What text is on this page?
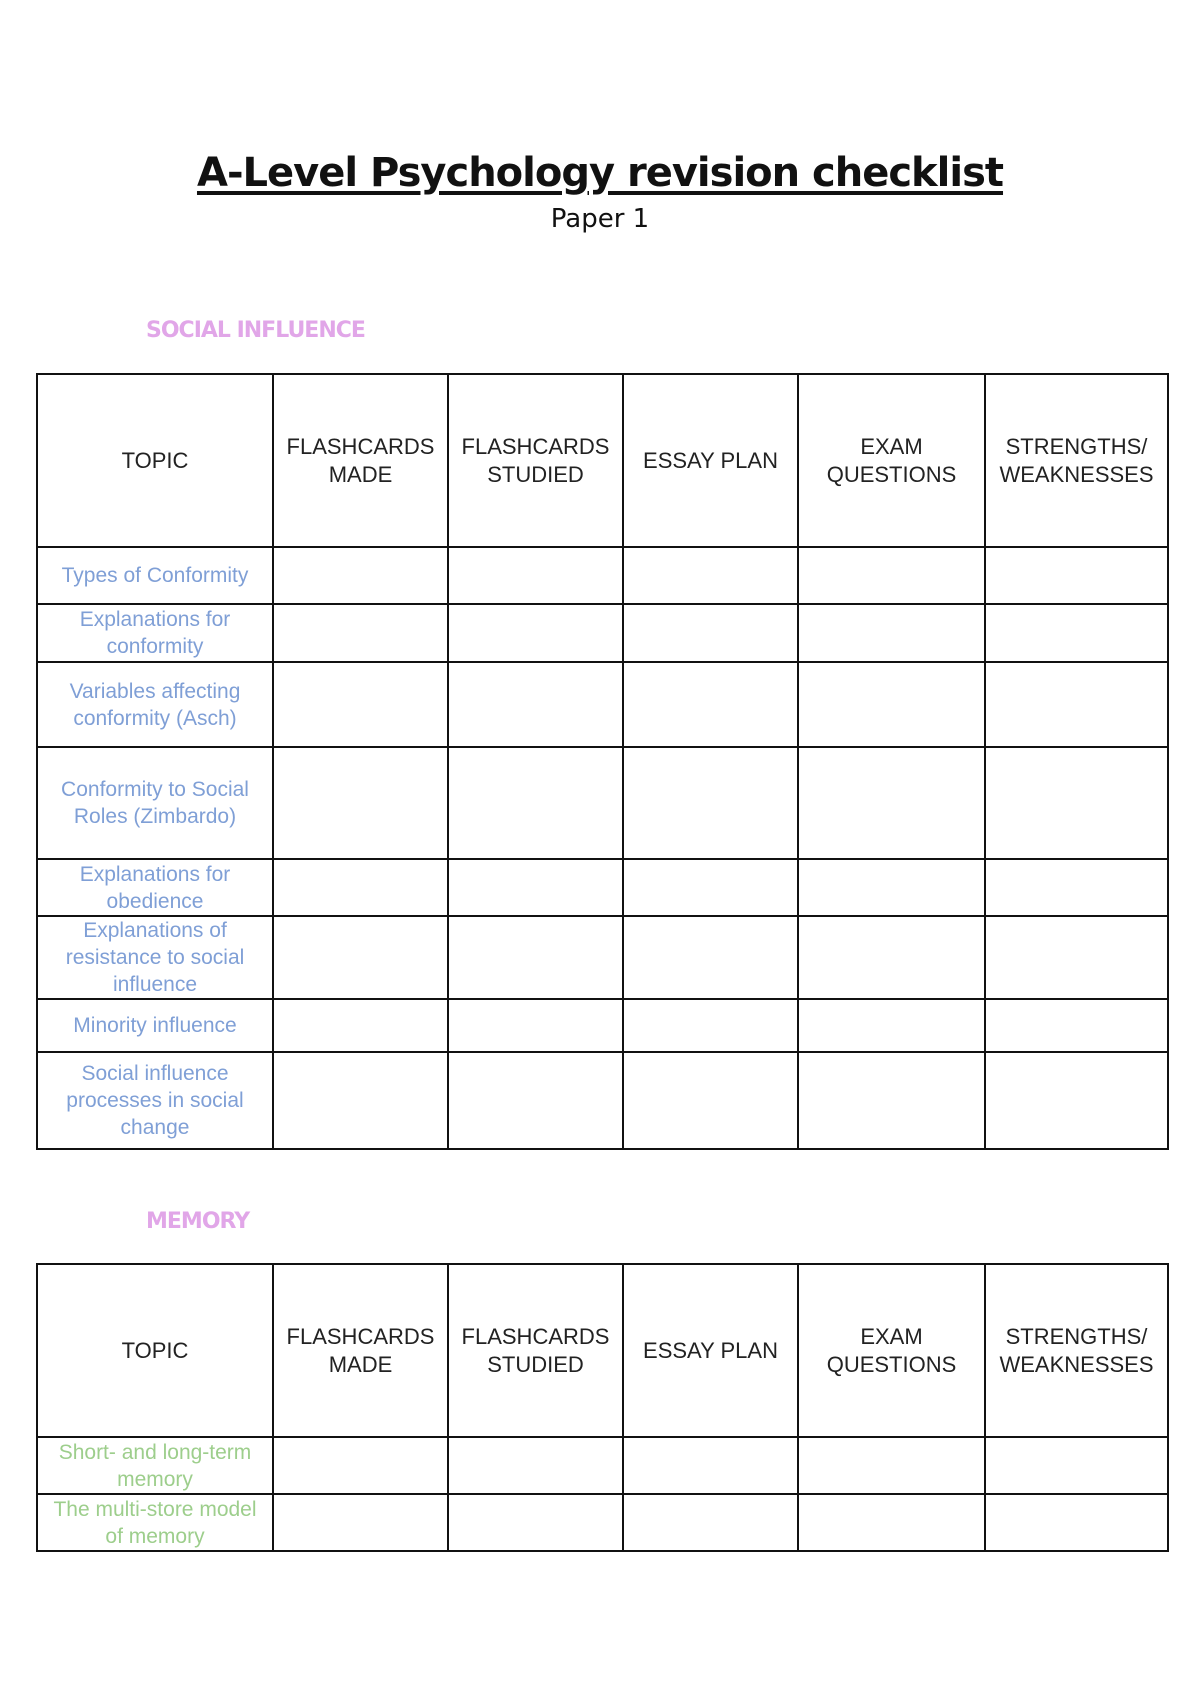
A-Level Psychology revision checklist
Paper 1
SOCIAL INFLUENCE
TOPIC	FLASHCARDS MADE	FLASHCARDS STUDIED	ESSAY PLAN	EXAM QUESTIONS	STRENGTHS/ WEAKNESSES
Types of Conformity					
Explanations for conformity					
Variables affecting conformity (Asch)					
Conformity to Social Roles (Zimbardo)					
Explanations for obedience					
Explanations of resistance to social influence					
Minority influence					
Social influence processes in social change					
MEMORY
TOPIC	FLASHCARDS MADE	FLASHCARDS STUDIED	ESSAY PLAN	EXAM QUESTIONS	STRENGTHS/ WEAKNESSES
Short- and long-term memory					
The multi-store model of memory					
